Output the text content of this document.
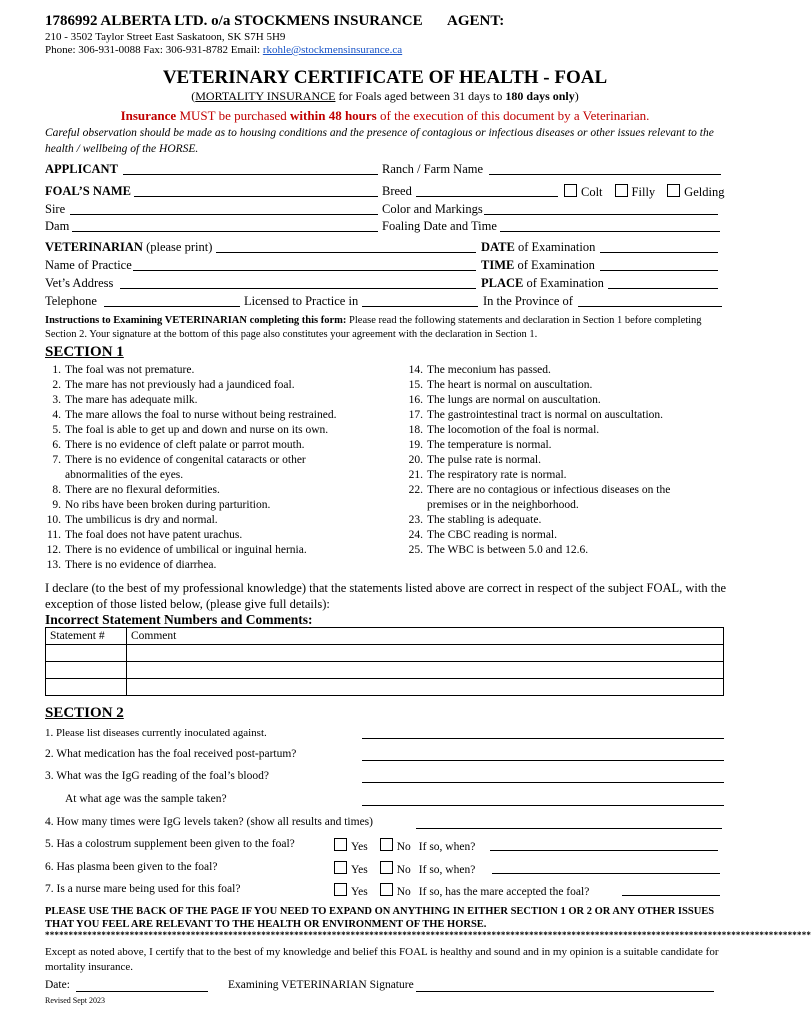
1786992 ALBERTA LTD. o/a STOCKMENS INSURANCE AGENT:
210 - 3502 Taylor Street East Saskatoon, SK S7H 5H9
Phone: 306-931-0088 Fax: 306-931-8782 Email: rkohle@stockmensinsurance.ca
VETERINARY CERTIFICATE OF HEALTH - FOAL
(MORTALITY INSURANCE for Foals aged between 31 days to 180 days only)
Insurance MUST be purchased within 48 hours of the execution of this document by a Veterinarian.
Careful observation should be made as to housing conditions and the presence of contagious or infectious diseases or other issues relevant to the health / wellbeing of the HORSE.
APPLICANT	Ranch / Farm Name
FOAL’S NAME	Breed	Colt Filly Gelding
Sire	Color and Markings
Dam	Foaling Date and Time
VETERINARIAN (please print)	DATE of Examination
Name of Practice	TIME of Examination
Vet’s Address	PLACE of Examination
Telephone	Licensed to Practice in	In the Province of
Instructions to Examining VETERINARIAN completing this form: Please read the following statements and declaration in Section 1 before completing Section 2. Your signature at the bottom of this page also constitutes your agreement with the declaration in Section 1.
SECTION 1
1. The foal was not premature.
2. The mare has not previously had a jaundiced foal.
3. The mare has adequate milk.
4. The mare allows the foal to nurse without being restrained.
5. The foal is able to get up and down and nurse on its own.
6. There is no evidence of cleft palate or parrot mouth.
7. There is no evidence of congenital cataracts or other
abnormalities of the eyes.
8. There are no flexural deformities.
9. No ribs have been broken during parturition.
10. The umbilicus is dry and normal.
11. The foal does not have patent urachus.
12. There is no evidence of umbilical or inguinal hernia.
13. There is no evidence of diarrhea.
14. The meconium has passed.
15. The heart is normal on auscultation.
16. The lungs are normal on auscultation.
17. The gastrointestinal tract is normal on auscultation.
18. The locomotion of the foal is normal.
19. The temperature is normal.
20. The pulse rate is normal.
21. The respiratory rate is normal.
22. There are no contagious or infectious diseases on the
premises or in the neighborhood.
23. The stabling is adequate.
24. The CBC reading is normal.
25. The WBC is between 5.0 and 12.6.
I declare (to the best of my professional knowledge) that the statements listed above are correct in respect of the subject FOAL, with the exception of those listed below, (please give full details):
Incorrect Statement Numbers and Comments:
Statement #	Comment

SECTION 2
1. Please list diseases currently inoculated against.
2. What medication has the foal received post-partum?
3. What was the IgG reading of the foal’s blood?
At what age was the sample taken?
4. How many times were IgG levels taken? (show all results and times)
5. Has a colostrum supplement been given to the foal?	Yes	No If so, when?
6. Has plasma been given to the foal?	Yes	No If so, when?
7. Is a nurse mare being used for this foal?	Yes	No If so, has the mare accepted the foal?
PLEASE USE THE BACK OF THE PAGE IF YOU NEED TO EXPAND ON ANYTHING IN EITHER SECTION 1 OR 2 OR ANY OTHER ISSUES THAT YOU FEEL ARE RELEVANT TO THE HEALTH OR ENVIRONMENT OF THE HORSE.
*******************************************************************************************************************************************************************
Except as noted above, I certify that to the best of my knowledge and belief this FOAL is healthy and sound and in my opinion is a suitable candidate for mortality insurance.
Date:	Examining VETERINARIAN Signature
Revised Sept 2023
